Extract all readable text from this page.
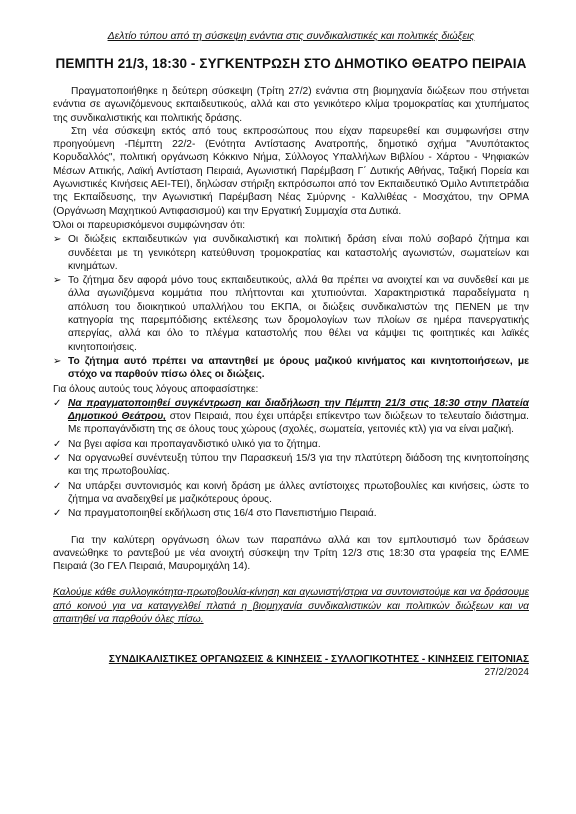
Δελτίο τύπου από τη σύσκεψη ενάντια στις συνδικαλιστικές και πολιτικές διώξεις
ΠΕΜΠΤΗ 21/3, 18:30 - ΣΥΓΚΕΝΤΡΩΣΗ ΣΤΟ ΔΗΜΟΤΙΚΟ ΘΕΑΤΡΟ ΠΕΙΡΑΙΑ

Πραγματοποιήθηκε η δεύτερη σύσκεψη (Τρίτη 27/2) ενάντια στη βιομηχανία διώξεων που στήνεται ενάντια σε αγωνιζόμενους εκπαιδευτικούς, αλλά και στο γενικότερο κλίμα τρομοκρατίας και χτυπήματος της συνδικαλιστικής και πολιτικής δράσης.

Στη νέα σύσκεψη εκτός από τους εκπροσώπους που είχαν παρευρεθεί και συμφωνήσει στην προηγούμενη -Πέμπτη 22/2- (Ενότητα Αντίστασης Ανατροπής, δημοτικό σχήμα "Ανυπότακτος Κορυδαλλός", πολιτική οργάνωση Κόκκινο Νήμα, Σύλλογος Υπαλλήλων Βιβλίου - Χάρτου - Ψηφιακών Μέσων Αττικής, Λαϊκή Αντίσταση Πειραιά, Αγωνιστική Παρέμβαση Γ΄ Δυτικής Αθήνας, Ταξική Πορεία και Αγωνιστικές Κινήσεις ΑΕΙ-ΤΕΙ), δηλώσαν στήριξη εκπρόσωποι από τον Εκπαιδευτικό Όμιλο Αντιπετράδια της Εκπαίδευσης, την Αγωνιστική Παρέμβαση Νέας Σμύρνης - Καλλιθέας - Μοσχάτου, την ΟΡΜΑ (Οργάνωση Μαχητικού Αντιφασισμού) και την Εργατική Συμμαχία στα Δυτικά.

Όλοι οι παρευρισκόμενοι συμφώνησαν ότι:

➢ Οι διώξεις εκπαιδευτικών για συνδικαλιστική και πολιτική δράση είναι πολύ σοβαρό ζήτημα και συνδέεται με τη γενικότερη κατεύθυνση τρομοκρατίας και καταστολής αγωνιστών, σωματείων και κινημάτων.
➢ Το ζήτημα δεν αφορά μόνο τους εκπαιδευτικούς, αλλά θα πρέπει να ανοιχτεί και να συνδεθεί και με άλλα αγωνιζόμενα κομμάτια που πλήττονται και χτυπιούνται. Χαρακτηριστικά παραδείγματα η απόλυση του διοικητικού υπαλλήλου του ΕΚΠΑ, οι διώξεις συνδικαλιστών της ΠΕΝΕΝ με την κατηγορία της παρεμπόδισης εκτέλεσης των δρομολογίων των πλοίων σε ημέρα πανεργατικής απεργίας, αλλά και όλο το πλέγμα καταστολής που θέλει να κάμψει τις φοιτητικές και λαϊκές κινητοποιήσεις.
➢ Το ζήτημα αυτό πρέπει να απαντηθεί με όρους μαζικού κινήματος και κινητοποιήσεων, με στόχο να παρθούν πίσω όλες οι διώξεις.

Για όλους αυτούς τους λόγους αποφασίστηκε:

✓ Να πραγματοποιηθεί συγκέντρωση και διαδήλωση την Πέμπτη 21/3 στις 18:30 στην Πλατεία Δημοτικού Θεάτρου, στον Πειραιά, που έχει υπάρξει επίκεντρο των διώξεων το τελευταίο διάστημα. Με προπαγάνδιστη της σε όλους τους χώρους (σχολές, σωματεία, γειτονιές κτλ) για να είναι μαζική.
✓ Να βγει αφίσα και προπαγανδιστικό υλικό για το ζήτημα.
✓ Να οργανωθεί συνέντευξη τύπου την Παρασκευή 15/3 για την πλατύτερη διάδοση της κινητοποίησης και της πρωτοβουλίας.
✓ Να υπάρξει συντονισμός και κοινή δράση με άλλες αντίστοιχες πρωτοβουλίες και κινήσεις, ώστε το ζήτημα να αναδειχθεί με μαζικότερους όρους.
✓ Να πραγματοποιηθεί εκδήλωση στις 16/4 στο Πανεπιστήμιο Πειραιά.

Για την καλύτερη οργάνωση όλων των παραπάνω αλλά και τον εμπλουτισμό των δράσεων ανανεώθηκε το ραντεβού με νέα ανοιχτή σύσκεψη την Τρίτη 12/3 στις 18:30 στα γραφεία της ΕΛΜΕ Πειραιά (3ο ΓΕΛ Πειραιά, Μαυρομιχάλη 14).

Καλούμε κάθε συλλογικότητα-πρωτοβουλία-κίνηση και αγωνιστή/στρια να συντονιστούμε και να δράσουμε από κοινού για να καταγγελθεί πλατιά η βιομηχανία συνδικαλιστικών και πολιτικών διώξεων και να απαιτηθεί να παρθούν όλες πίσω.

ΣΥΝΔΙΚΑΛΙΣΤΙΚΕΣ ΟΡΓΑΝΩΣΕΙΣ & ΚΙΝΗΣΕΙΣ - ΣΥΛΛΟΓΙΚΟΤΗΤΕΣ - ΚΙΝΗΣΕΙΣ ΓΕΙΤΟΝΙΑΣ
27/2/2024
